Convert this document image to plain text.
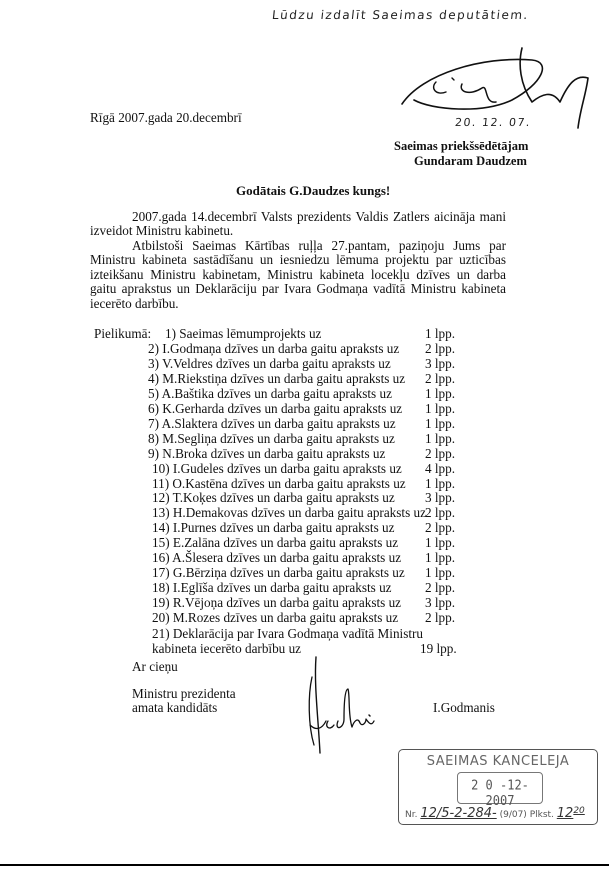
Lūdzu izdalīt Saeimas deputātiem.
20. 12. 07.
Rīgā 2007.gada 20.decembrī
Saeimas priekšsēdētājam
Gundaram Daudzem
Godātais G.Daudzes kungs!
2007.gada 14.decembrī Valsts prezidents Valdis Zatlers aicināja mani izveidot Ministru kabinetu.
Atbilstoši Saeimas Kārtības ruļļa 27.pantam, paziņoju Jums par Ministru kabineta sastādīšanu un iesniedzu lēmuma projektu par uzticības izteikšanu Ministru kabinetam, Ministru kabineta locekļu dzīves un darba gaitu aprakstus un Deklarāciju par Ivara Godmaņa vadītā Ministru kabineta iecerēto darbību.
Pielikumā: 1) Saeimas lēmumprojekts uz	1 lpp.
2) I.Godmaņa dzīves un darba gaitu apraksts uz 2 lpp.
3) V.Veldres dzīves un darba gaitu apraksts uz	3 lpp.
4) M.Riekstiņa dzīves un darba gaitu apraksts uz 2 lpp.
5) A.Baštika dzīves un darba gaitu apraksts uz	1 lpp.
6) K.Gerharda dzīves un darba gaitu apraksts uz 1 lpp.
7) A.Slaktera dzīves un darba gaitu apraksts uz 1 lpp.
8) M.Segliņa dzīves un darba gaitu apraksts uz 1 lpp.
9) N.Broka dzīves un darba gaitu apraksts uz	2 lpp.
10) I.Gudeles dzīves un darba gaitu apraksts uz 4 lpp.
11) O.Kastēna dzīves un darba gaitu apraksts uz 1 lpp.
12) T.Koķes dzīves un darba gaitu apraksts uz 3 lpp.
13) H.Demakovas dzīves un darba gaitu apraksts uz 2 lpp.
14) I.Purnes dzīves un darba gaitu apraksts uz 2 lpp.
15) E.Zalāna dzīves un darba gaitu apraksts uz 1 lpp.
16) A.Šlesera dzīves un darba gaitu apraksts uz 1 lpp.
17) G.Bērziņa dzīves un darba gaitu apraksts uz 1 lpp.
18) I.Eglīša dzīves un darba gaitu apraksts uz	2 lpp.
19) R.Vējoņa dzīves un darba gaitu apraksts uz 3 lpp.
20) M.Rozes dzīves un darba gaitu apraksts uz 2 lpp.
21) Deklarācija par Ivara Godmaņa vadītā Ministru
kabineta iecerēto darbību uz	19 lpp.
Ar cieņu
Ministru prezidenta
amata kandidāts	I.Godmanis
SAEIMAS KANCELEJA
2 0 -12- 2007
Nr. 12/5-2-284- (9/07) Plkst. $12^{20}$
